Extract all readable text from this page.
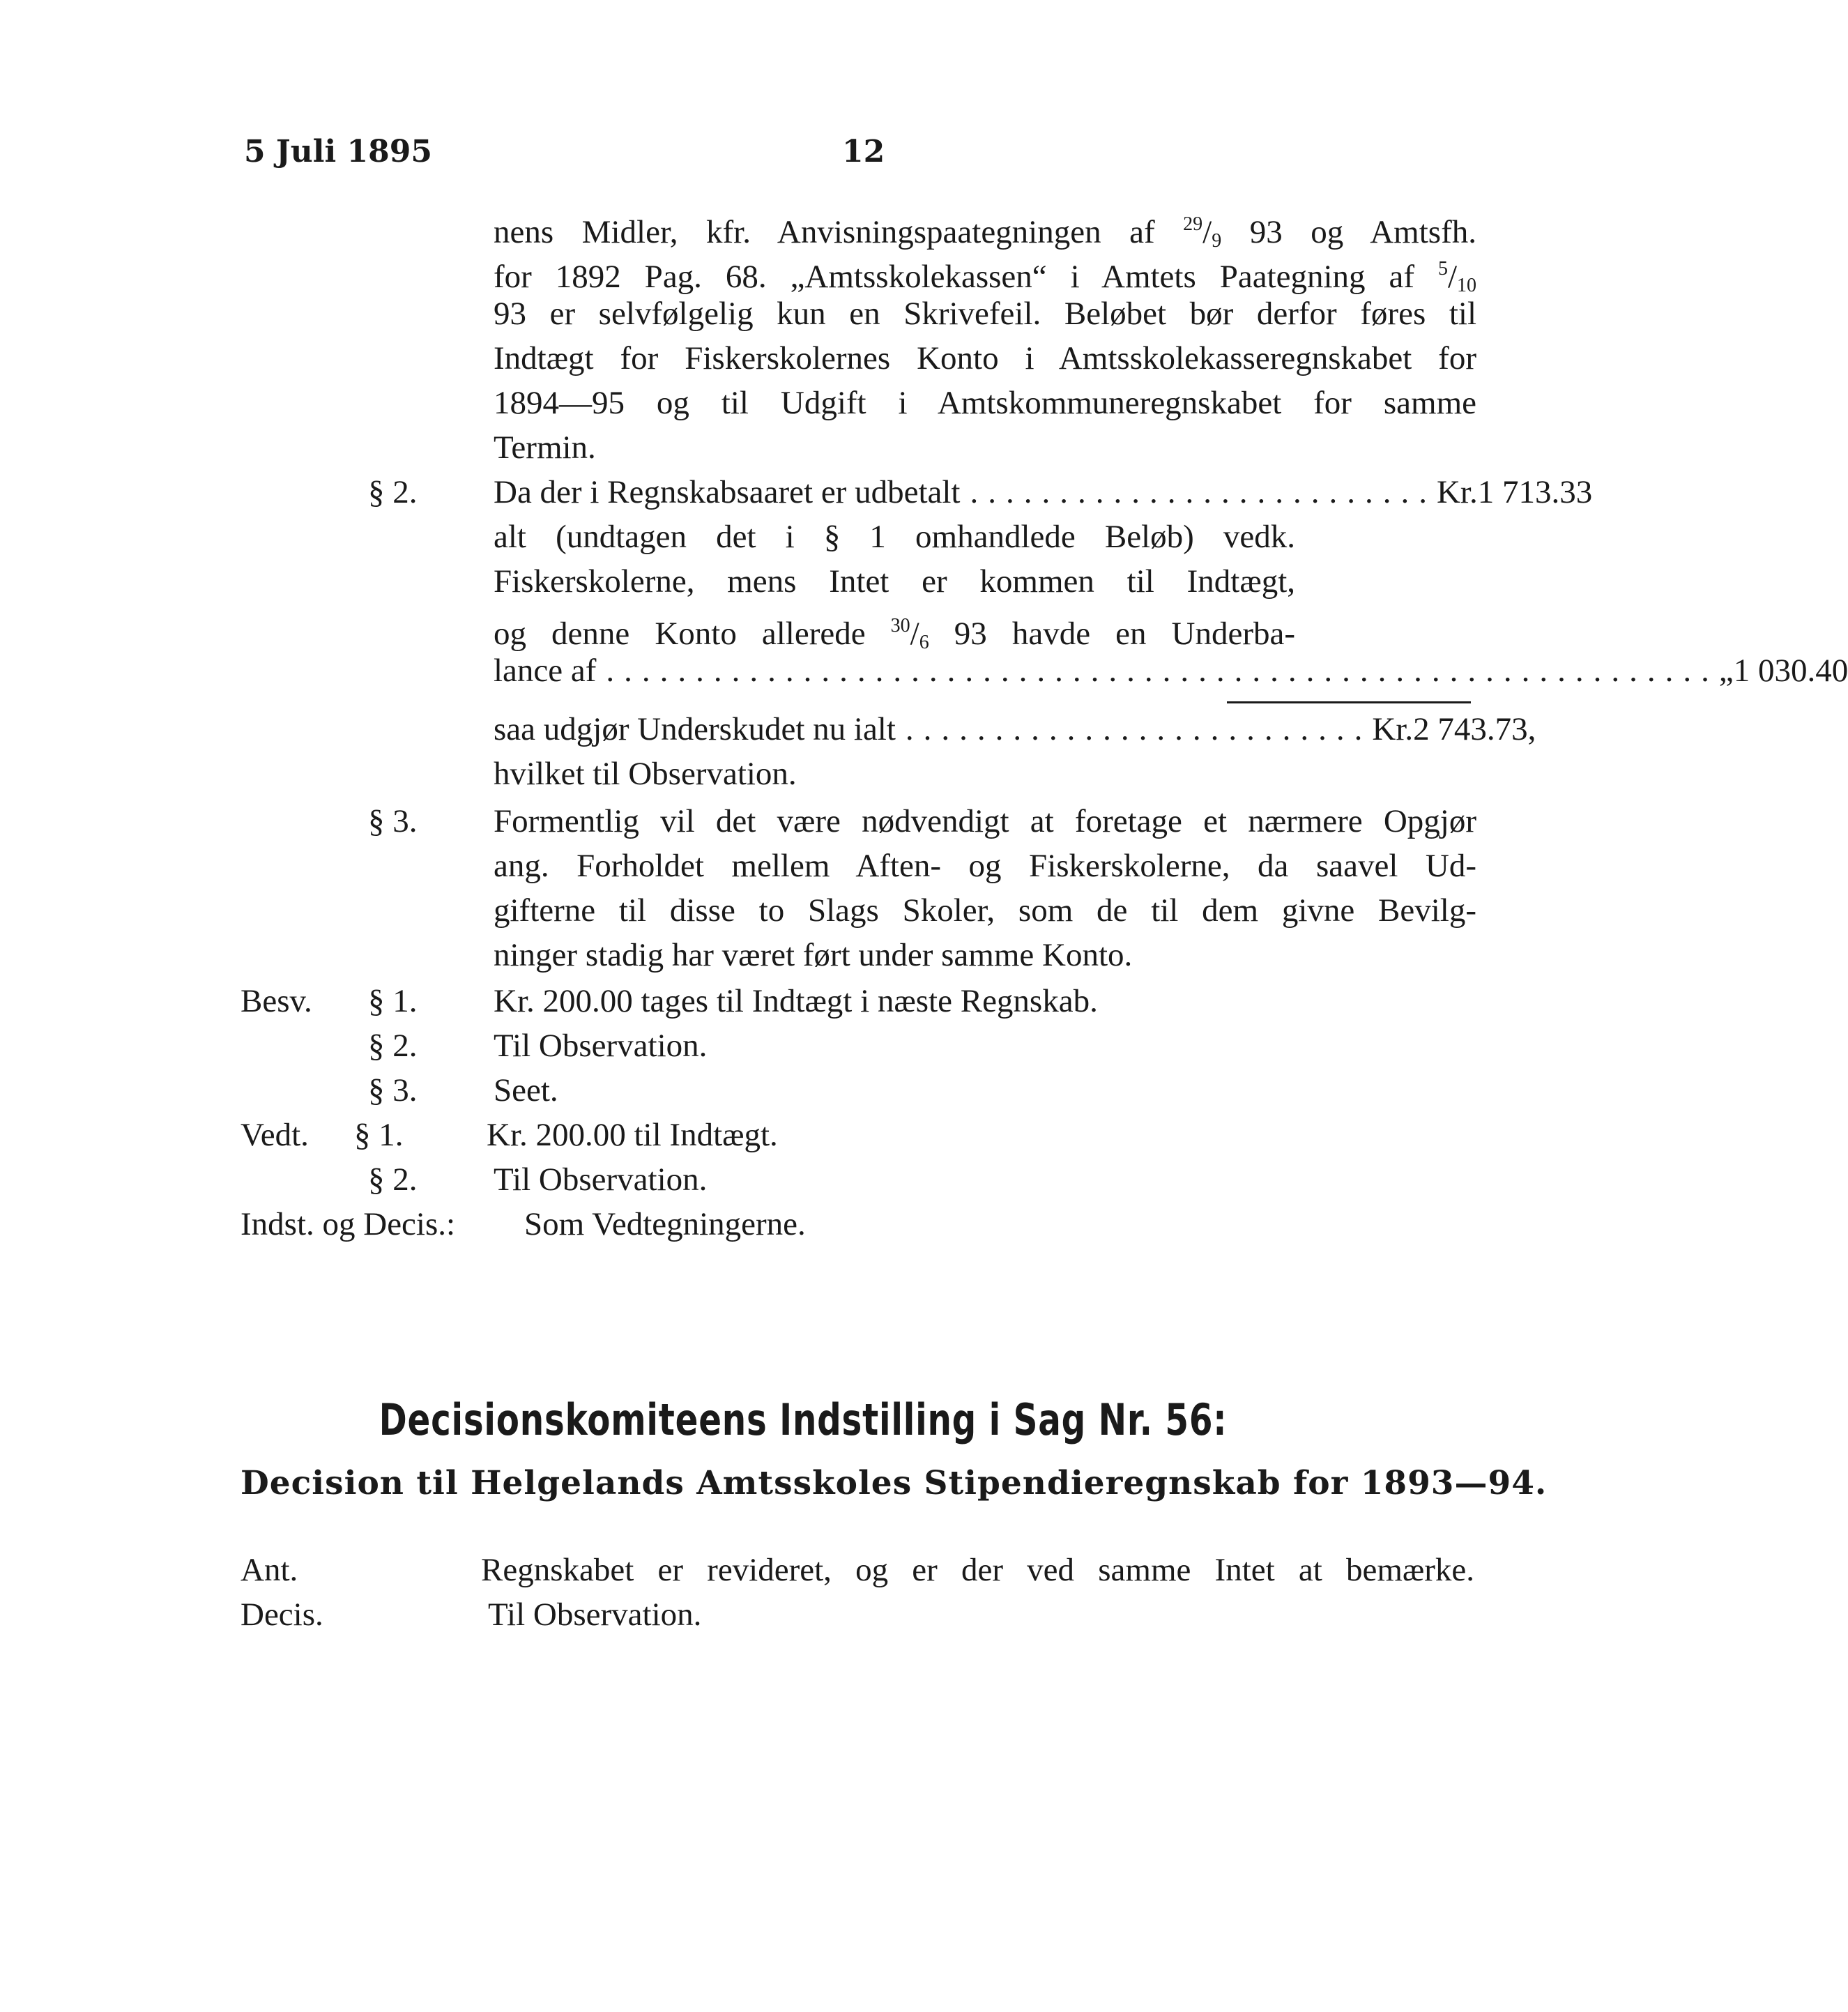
5 Juli 1895	12
nens Midler, kfr. Anvisningspaategningen af $^{29}/_9$ 93 og Amtsfh.
for 1892 Pag. 68. „Amtsskolekassen“ i Amtets Paategning af $^5/_{10}$
93 er selvfølgelig kun en Skrivefeil. Beløbet bør derfor føres til
Indtægt for Fiskerskolernes Konto i Amtsskolekasseregnskabet for
1894—95 og til Udgift i Amtskommuneregnskabet for samme
Termin.
§ 2. Da der i Regnskabsaaret er udbetalt .......................... Kr. 1 713.33
alt (undtagen det i § 1 omhandlede Beløb) vedk.
Fiskerskolerne, mens Intet er kommen til Indtægt,
og denne Konto allerede $^{30}/_6$ 93 havde en Underba-
lance af .............................................................. „ 1 030.40
saa udgjør Underskudet nu ialt .......................... Kr. 2 743.73,
hvilket til Observation.
§ 3. Formentlig vil det være nødvendigt at foretage et nærmere Opgjør
ang. Forholdet mellem Aften- og Fiskerskolerne, da saavel Ud-
gifterne til disse to Slags Skoler, som de til dem givne Bevilg-
ninger stadig har været ført under samme Konto.
Besv. § 1. Kr. 200.00 tages til Indtægt i næste Regnskab.
§ 2. Til Observation.
§ 3. Seet.
Vedt. § 1.	Kr. 200.00 til Indtægt.
§ 2. Til Observation.
Indst. og Decis.: Som Vedtegningerne.
Decisionskomiteens Indstilling i Sag Nr. 56:
Decision til Helgelands Amtsskoles Stipendieregnskab for 1893—94.
Ant.	Regnskabet er revideret, og er der ved samme Intet at bemærke.
Decis.	Til Observation.
